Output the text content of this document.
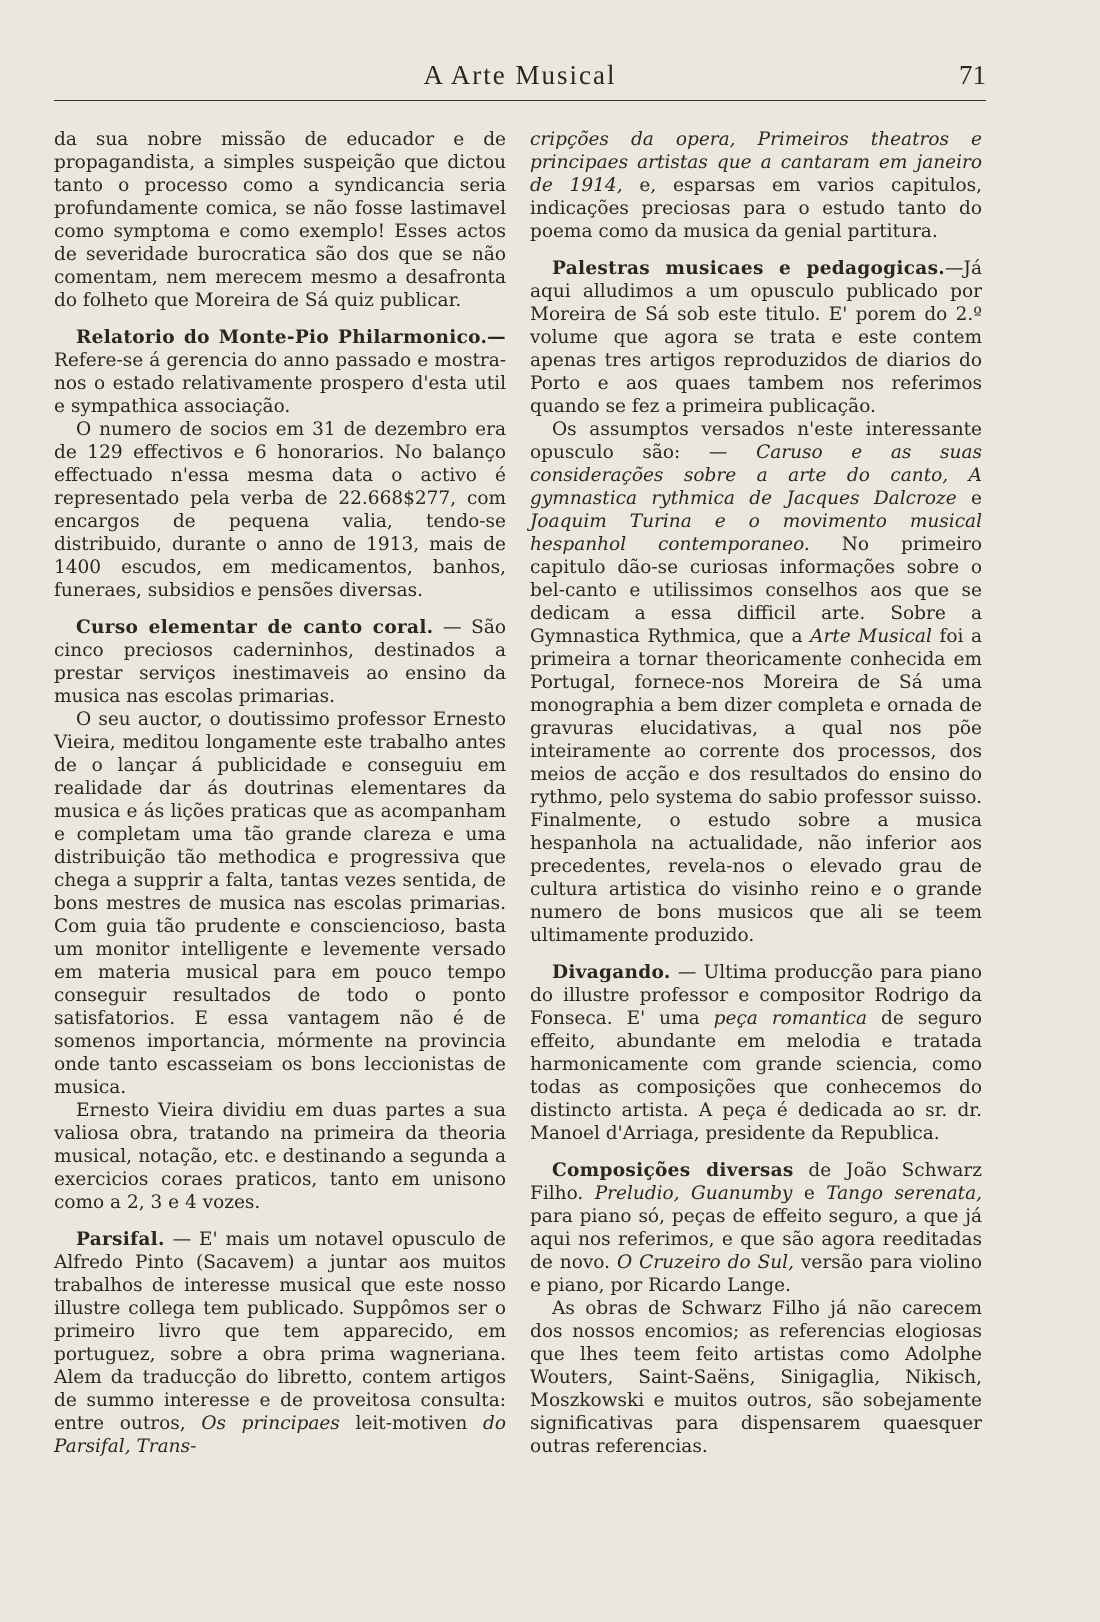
A Arte Musical	71

da sua nobre missão de educador e de propagandista, a simples suspeição que dictou tanto o processo como a syndicancia seria profundamente comica, se não fosse lastimavel como symptoma e como exemplo! Esses actos de severidade burocratica são dos que se não comentam, nem merecem mesmo a desafronta do folheto que Moreira de Sá quiz publicar.

Relatorio do Monte-Pio Philarmonico.— Refere-se á gerencia do anno passado e mostra-nos o estado relativamente prospero d'esta util e sympathica associação.

O numero de socios em 31 de dezembro era de 129 effectivos e 6 honorarios. No balanço effectuado n'essa mesma data o activo é representado pela verba de 22.668$277, com encargos de pequena valia, tendo-se distribuido, durante o anno de 1913, mais de 1400 escudos, em medicamentos, banhos, funeraes, subsidios e pensões diversas.

Curso elementar de canto coral. — São cinco preciosos caderninhos, destinados a prestar serviços inestimaveis ao ensino da musica nas escolas primarias.

O seu auctor, o doutissimo professor Ernesto Vieira, meditou longamente este trabalho antes de o lançar á publicidade e conseguiu em realidade dar ás doutrinas elementares da musica e ás lições praticas que as acompanham e completam uma tão grande clareza e uma distribuição tão methodica e progressiva que chega a supprir a falta, tantas vezes sentida, de bons mestres de musica nas escolas primarias. Com guia tão prudente e consciencioso, basta um monitor intelligente e levemente versado em materia musical para em pouco tempo conseguir resultados de todo o ponto satisfatorios. E essa vantagem não é de somenos importancia, mórmente na provincia onde tanto escasseiam os bons leccionistas de musica.

Ernesto Vieira dividiu em duas partes a sua valiosa obra, tratando na primeira da theoria musical, notação, etc. e destinando a segunda a exercicios coraes praticos, tanto em unisono como a 2, 3 e 4 vozes.

Parsifal. — E' mais um notavel opusculo de Alfredo Pinto (Sacavem) a juntar aos muitos trabalhos de interesse musical que este nosso illustre collega tem publicado. Suppômos ser o primeiro livro que tem apparecido, em portuguez, sobre a obra prima wagneriana. Alem da traducção do libretto, contem artigos de summo interesse e de proveitosa consulta: entre outros, Os principaes leit-motiven do Parsifal, Trans-

cripções da opera, Primeiros theatros e principaes artistas que a cantaram em janeiro de 1914, e, esparsas em varios capitulos, indicações preciosas para o estudo tanto do poema como da musica da genial partitura.

Palestras musicaes e pedagogicas.—Já aqui alludimos a um opusculo publicado por Moreira de Sá sob este titulo. E' porem do 2.º volume que agora se trata e este contem apenas tres artigos reproduzidos de diarios do Porto e aos quaes tambem nos referimos quando se fez a primeira publicação.

Os assumptos versados n'este interessante opusculo são: — Caruso e as suas considerações sobre a arte do canto, A gymnastica rythmica de Jacques Dalcroze e Joaquim Turina e o movimento musical hespanhol contemporaneo. No primeiro capitulo dão-se curiosas informações sobre o bel-canto e utilissimos conselhos aos que se dedicam a essa difficil arte. Sobre a Gymnastica Rythmica, que a Arte Musical foi a primeira a tornar theoricamente conhecida em Portugal, fornece-nos Moreira de Sá uma monographia a bem dizer completa e ornada de gravuras elucidativas, a qual nos põe inteiramente ao corrente dos processos, dos meios de acção e dos resultados do ensino do rythmo, pelo systema do sabio professor suisso. Finalmente, o estudo sobre a musica hespanhola na actualidade, não inferior aos precedentes, revela-nos o elevado grau de cultura artistica do visinho reino e o grande numero de bons musicos que ali se teem ultimamente produzido.

Divagando. — Ultima producção para piano do illustre professor e compositor Rodrigo da Fonseca. E' uma peça romantica de seguro effeito, abundante em melodia e tratada harmonicamente com grande sciencia, como todas as composições que conhecemos do distincto artista. A peça é dedicada ao sr. dr. Manoel d'Arriaga, presidente da Republica.

Composições diversas de João Schwarz Filho. Preludio, Guanumby e Tango serenata, para piano só, peças de effeito seguro, a que já aqui nos referimos, e que são agora reeditadas de novo. O Cruzeiro do Sul, versão para violino e piano, por Ricardo Lange.

As obras de Schwarz Filho já não carecem dos nossos encomios; as referencias elogiosas que lhes teem feito artistas como Adolphe Wouters, Saint-Saëns, Sinigaglia, Nikisch, Moszkowski e muitos outros, são sobejamente significativas para dispensarem quaesquer outras referencias.
